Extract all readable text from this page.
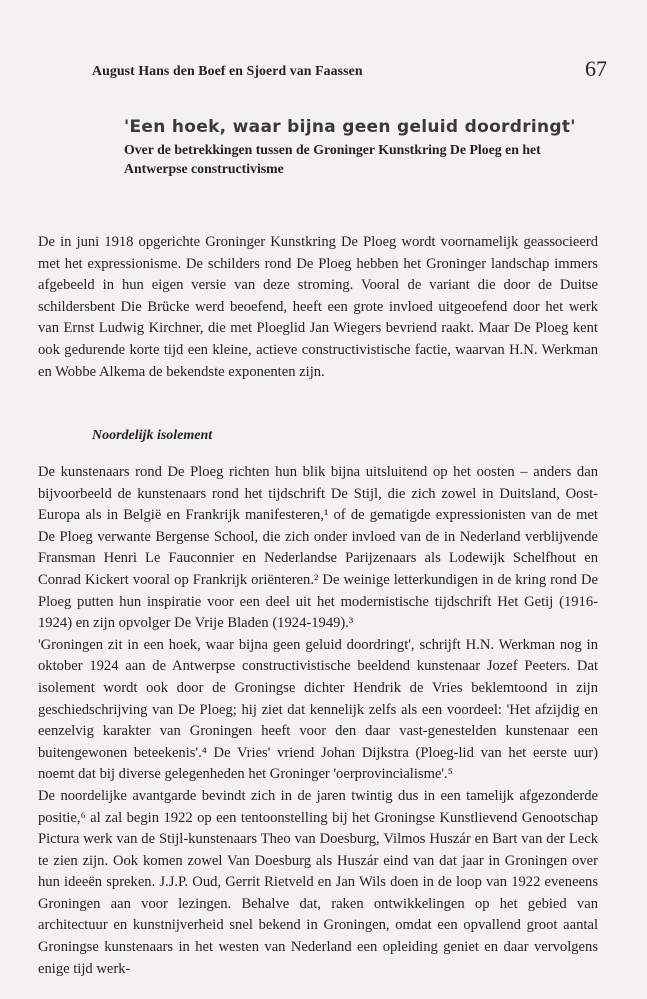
August Hans den Boef en Sjoerd van Faassen	67
'Een hoek, waar bijna geen geluid doordringt'
Over de betrekkingen tussen de Groninger Kunstkring De Ploeg en het Antwerpse constructivisme

De in juni 1918 opgerichte Groninger Kunstkring De Ploeg wordt voornamelijk geassocieerd met het expressionisme. De schilders rond De Ploeg hebben het Groninger landschap immers afgebeeld in hun eigen versie van deze stroming. Vooral de variant die door de Duitse schildersbent Die Brücke werd beoefend, heeft een grote invloed uitgeoefend door het werk van Ernst Ludwig Kirchner, die met Ploeglid Jan Wiegers bevriend raakt. Maar De Ploeg kent ook gedurende korte tijd een kleine, actieve constructivistische factie, waarvan H.N. Werkman en Wobbe Alkema de bekendste exponenten zijn.

Noordelijk isolement

De kunstenaars rond De Ploeg richten hun blik bijna uitsluitend op het oosten – anders dan bijvoorbeeld de kunstenaars rond het tijdschrift De Stijl, die zich zowel in Duitsland, Oost-Europa als in België en Frankrijk manifesteren,¹ of de gematigde expressionisten van de met De Ploeg verwante Bergense School, die zich onder invloed van de in Nederland verblijvende Fransman Henri Le Fauconnier en Nederlandse Parijzenaars als Lodewijk Schelfhout en Conrad Kickert vooral op Frankrijk oriënteren.² De weinige letterkundigen in de kring rond De Ploeg putten hun inspiratie voor een deel uit het modernistische tijdschrift Het Getij (1916-1924) en zijn opvolger De Vrije Bladen (1924-1949).³

'Groningen zit in een hoek, waar bijna geen geluid doordringt', schrijft H.N. Werkman nog in oktober 1924 aan de Antwerpse constructivistische beeldend kunstenaar Jozef Peeters. Dat isolement wordt ook door de Groningse dichter Hendrik de Vries beklemtoond in zijn geschiedschrijving van De Ploeg; hij ziet dat kennelijk zelfs als een voordeel: 'Het afzijdig en eenzelvig karakter van Groningen heeft voor den daar vast-genestelden kunstenaar een buitengewonen beteekenis'.⁴ De Vries' vriend Johan Dijkstra (Ploeg-lid van het eerste uur) noemt dat bij diverse gelegenheden het Groninger 'oerprovincialisme'.⁵

De noordelijke avantgarde bevindt zich in de jaren twintig dus in een tamelijk afgezonderde positie,⁶ al zal begin 1922 op een tentoonstelling bij het Groningse Kunstlievend Genootschap Pictura werk van de Stijl-kunstenaars Theo van Doesburg, Vilmos Huszár en Bart van der Leck te zien zijn. Ook komen zowel Van Doesburg als Huszár eind van dat jaar in Groningen over hun ideeën spreken. J.J.P. Oud, Gerrit Rietveld en Jan Wils doen in de loop van 1922 eveneens Groningen aan voor lezingen. Behalve dat, raken ontwikkelingen op het gebied van architectuur en kunstnijverheid snel bekend in Groningen, omdat een opvallend groot aantal Groningse kunstenaars in het westen van Nederland een opleiding geniet en daar vervolgens enige tijd werk-
